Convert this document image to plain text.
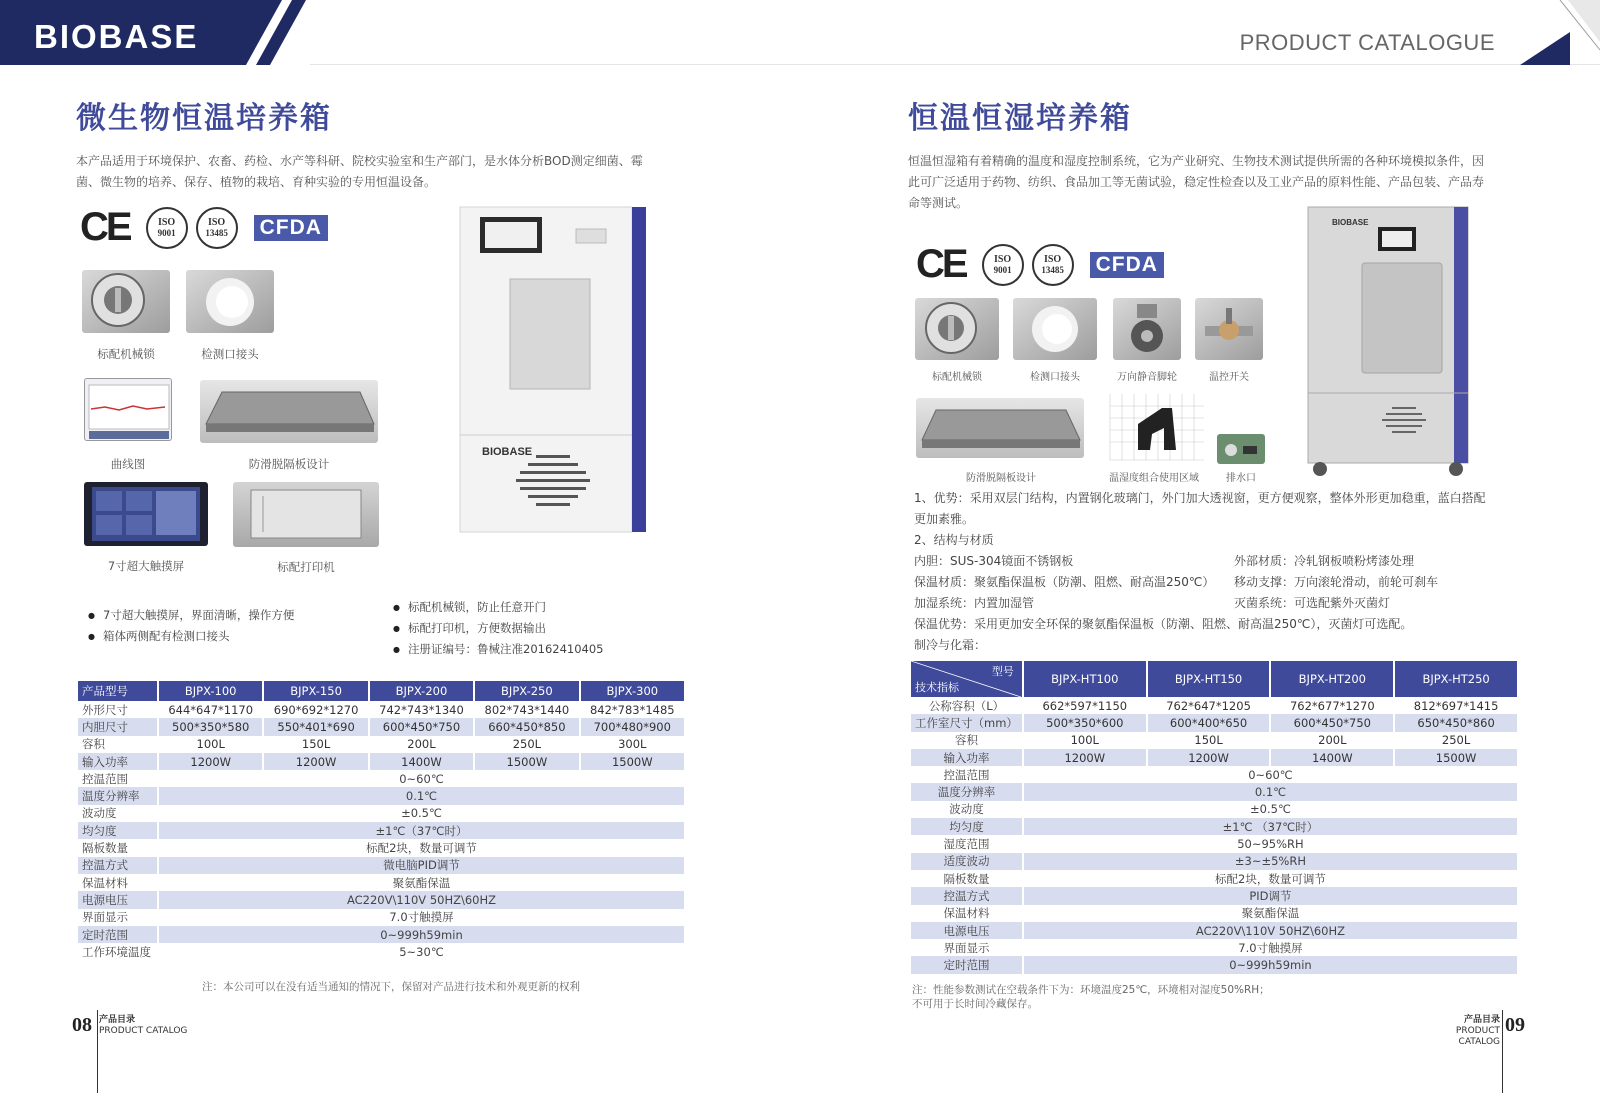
BIOBASE	PRODUCT CATALOGUE
微生物恒温培养箱
本产品适用于环境保护、农畜、药检、水产等科研、院校实验室和生产部门，是水体分析BOD测定细菌、霉
菌、微生物的培养、保存、植物的栽培、育种实验的专用恒温设备。
CE	ISO
9001
ISO
13485 CFDA
标配机械锁	检测口接头
曲线图	防滑脱隔板设计
7寸超大触摸屏	标配打印机
BIOBASE
● 7寸超大触摸屏，界面清晰，操作方便
● 箱体两侧配有检测口接头
● 标配机械锁，防止任意开门
● 标配打印机，方便数据输出
● 注册证编号：鲁械注准20162410405
产品型号	BJPX-100	BJPX-150	BJPX-200	BJPX-250	BJPX-300
外形尺寸	644*647*1170	690*692*1270	742*743*1340	802*743*1440	842*783*1485
内胆尺寸	500*350*580	550*401*690	600*450*750	660*450*850	700*480*900
容积	100L	150L	200L	250L	300L
输入功率	1200W	1200W	1400W	1500W	1500W
控温范围	0~60℃				
温度分辨率	0.1℃				
波动度	±0.5℃				
均匀度	±1℃（37℃时）				
隔板数量	标配2块，数量可调节				
控温方式	微电脑PID调节				
保温材料	聚氨酯保温				
电源电压	AC220V\110V 50HZ\60HZ				
界面显示	7.0寸触摸屏				
定时范围	0~999h59min				
工作环境温度	5~30℃				
注：本公司可以在没有适当通知的情况下，保留对产品进行技术和外观更新的权利
08 产品目录
PRODUCT CATALOG
恒温恒湿培养箱
恒温恒湿箱有着精确的温度和湿度控制系统，它为产业研究、生物技术测试提供所需的各种环境模拟条件，因
此可广泛适用于药物、纺织、食品加工等无菌试验，稳定性检查以及工业产品的原料性能、产品包装、产品寿
命等测试。
CE	ISO
9001
ISO
13485 CFDA
标配机械锁	检测口接头	万向静音脚轮	温控开关
防滑脱隔板设计	温湿度组合使用区域	排水口
BIOBASE
1、优势：采用双层门结构，内置钢化玻璃门，外门加大透视窗，更方便观察，整体外形更加稳重，蓝白搭配
更加素雅。
2、结构与材质
内胆：SUS-304镜面不锈钢板
保温材质：聚氨酯保温板（防潮、阻燃、耐高温250℃）
加湿系统：内置加湿管
外部材质：冷轧钢板喷粉烤漆处理
移动支撑：万向滚轮滑动，前轮可刹车
灭菌系统：可选配紫外灭菌灯
保温优势：采用更加安全环保的聚氨酯保温板（防潮、阻燃、耐高温250℃），灭菌灯可选配。
制冷与化霜：
型号
技术指标	BJPX-HT100	BJPX-HT150	BJPX-HT200	BJPX-HT250
公称容积（L）	662*597*1150	762*647*1205	762*677*1270	812*697*1415
工作室尺寸（mm）	500*350*600	600*400*650	600*450*750	650*450*860
容积	100L	150L	200L	250L
输入功率	1200W	1200W	1400W	1500W
控温范围	0~60℃			
温度分辨率	0.1℃			
波动度	±0.5℃			
均匀度	±1℃ （37℃时）			
湿度范围	50~95%RH			
适度波动	±3~±5%RH			
隔板数量	标配2块，数量可调节			
控温方式	PID调节			
保温材料	聚氨酯保温			
电源电压	AC220V\110V 50HZ\60HZ			
界面显示	7.0寸触摸屏			
定时范围	0~999h59min			
注：性能参数测试在空载条件下为：环境温度25℃，环境相对湿度50%RH；
不可用于长时间冷藏保存。
产品目录
PRODUCT CATALOG
09
